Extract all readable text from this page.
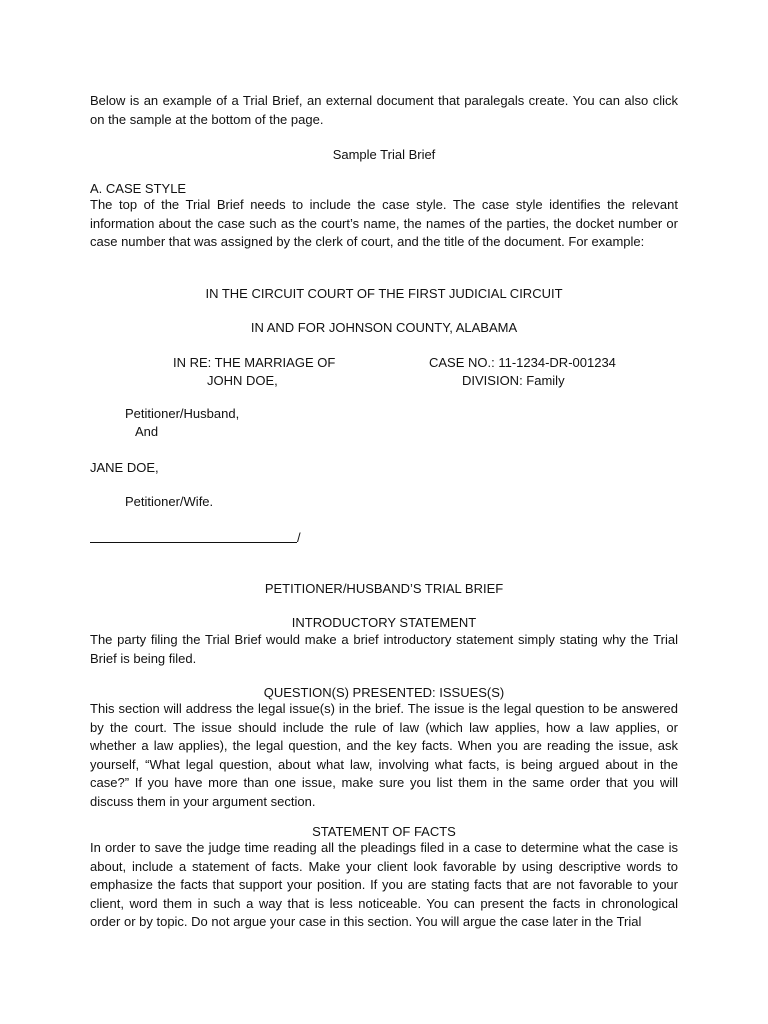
Below is an example of a Trial Brief, an external document that paralegals create. You can also click on the sample at the bottom of the page.
Sample Trial Brief
A. CASE STYLE
The top of the Trial Brief needs to include the case style. The case style identifies the relevant information about the case such as the court’s name, the names of the parties, the docket number or case number that was assigned by the clerk of court, and the title of the document. For example:
IN THE CIRCUIT COURT OF THE FIRST JUDICIAL CIRCUIT
IN AND FOR JOHNSON COUNTY, ALABAMA
IN RE: THE MARRIAGE OF
JOHN DOE,
CASE NO.: 11-1234-DR-001234
DIVISION: Family
Petitioner/Husband,
And
JANE DOE,
Petitioner/Wife.
/
PETITIONER/HUSBAND’S TRIAL BRIEF
INTRODUCTORY STATEMENT
The party filing the Trial Brief would make a brief introductory statement simply stating why the Trial Brief is being filed.
QUESTION(S) PRESENTED: ISSUES(S)
This section will address the legal issue(s) in the brief. The issue is the legal question to be answered by the court. The issue should include the rule of law (which law applies, how a law applies, or whether a law applies), the legal question, and the key facts. When you are reading the issue, ask yourself, “What legal question, about what law, involving what facts, is being argued about in the case?” If you have more than one issue, make sure you list them in the same order that you will discuss them in your argument section.
STATEMENT OF FACTS
In order to save the judge time reading all the pleadings filed in a case to determine what the case is about, include a statement of facts. Make your client look favorable by using descriptive words to emphasize the facts that support your position. If you are stating facts that are not favorable to your client, word them in such a way that is less noticeable. You can present the facts in chronological order or by topic. Do not argue your case in this section. You will argue the case later in the Trial
